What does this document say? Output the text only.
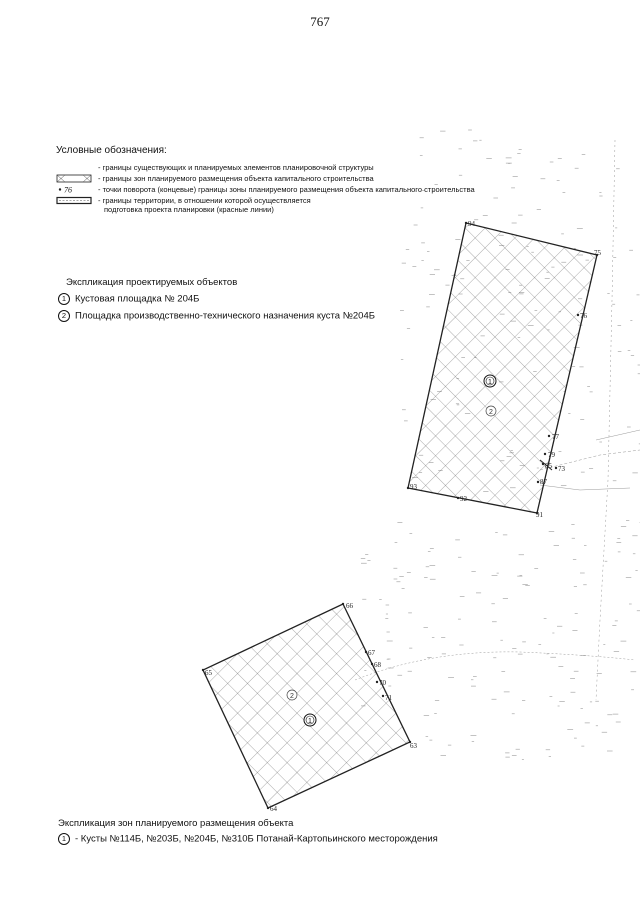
767
Условные обозначения:
- границы существующих и планируемых элементов планировочной структуры
- границы зон планируемого размещения объекта капитального строительства
76	- точки поворота (концевые) границы зоны планируемого размещения объекта капитального строительства
- границы территории, в отношении которой осуществляется
подготовка проекта планировки (красные линии)
Экспликация проектируемых объектов
1 Кустовая площадка № 204Б
2 Площадка производственно-технического назначения куста №204Б
94
75
76
77
79
85 73
87
91
92
93
66
67
68
70
71
63
64
65
1
2
2
1
Экспликация зон планируемого размещения объекта
1 - Кусты №114Б, №203Б, №204Б, №310Б Потанай-Картопьинского месторождения
